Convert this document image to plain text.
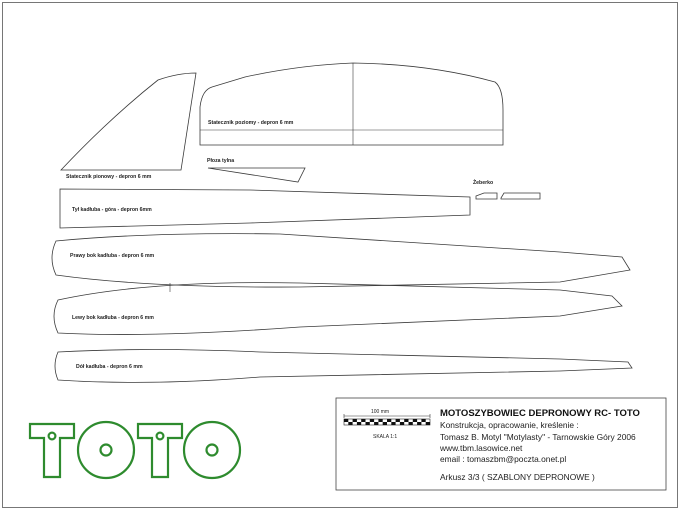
Statecznik poziomy - depron 6 mm
Statecznik pionowy - depron 6 mm
Płoza tylna
Żeberko
Tył kadłuba - góra - depron 6mm
Prawy bok kadłuba - depron 6 mm
Lewy bok kadłuba - depron 6 mm
Dół kadłuba - depron 6 mm
100 mm
SKALA 1:1
MOTOSZYBOWIEC DEPRONOWY RC- TOTO
Konstrukcja, opracowanie, kreślenie :
Tomasz B. Motyl "Motylasty" - Tarnowskie Góry 2006
www.tbm.lasowice.net
email : tomaszbm@poczta.onet.pl
Arkusz 3/3 ( SZABLONY DEPRONOWE )
